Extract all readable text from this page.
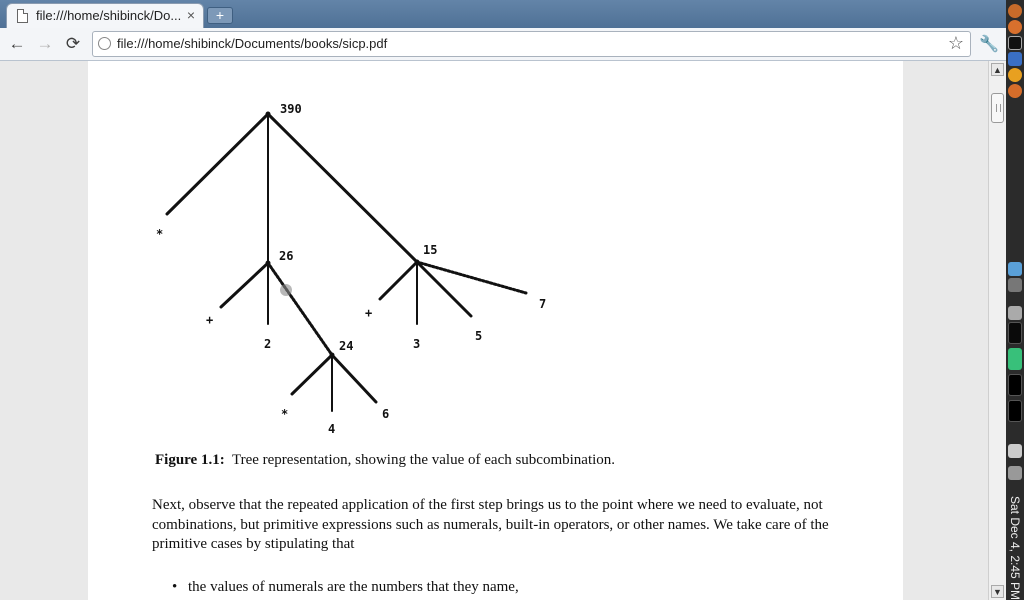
file:///home/shibinck/Do... ×	+
← → ⟳	file:///home/shibinck/Documents/books/sicp.pdf	☆ 🔧
390
*
26	15
+
2	24
+
3
5
7
*
4
6
Figure 1.1: Tree representation, showing the value of each subcombination.
Next, observe that the repeated application of the first step brings us to the point where we need to evaluate, not combinations, but primitive expressions such as numerals, built-in operators, or other names. We take care of the primitive cases by stipulating that
• the values of numerals are the numbers that they name,
▲
▼ Sat Dec 4, 2:45 PM
